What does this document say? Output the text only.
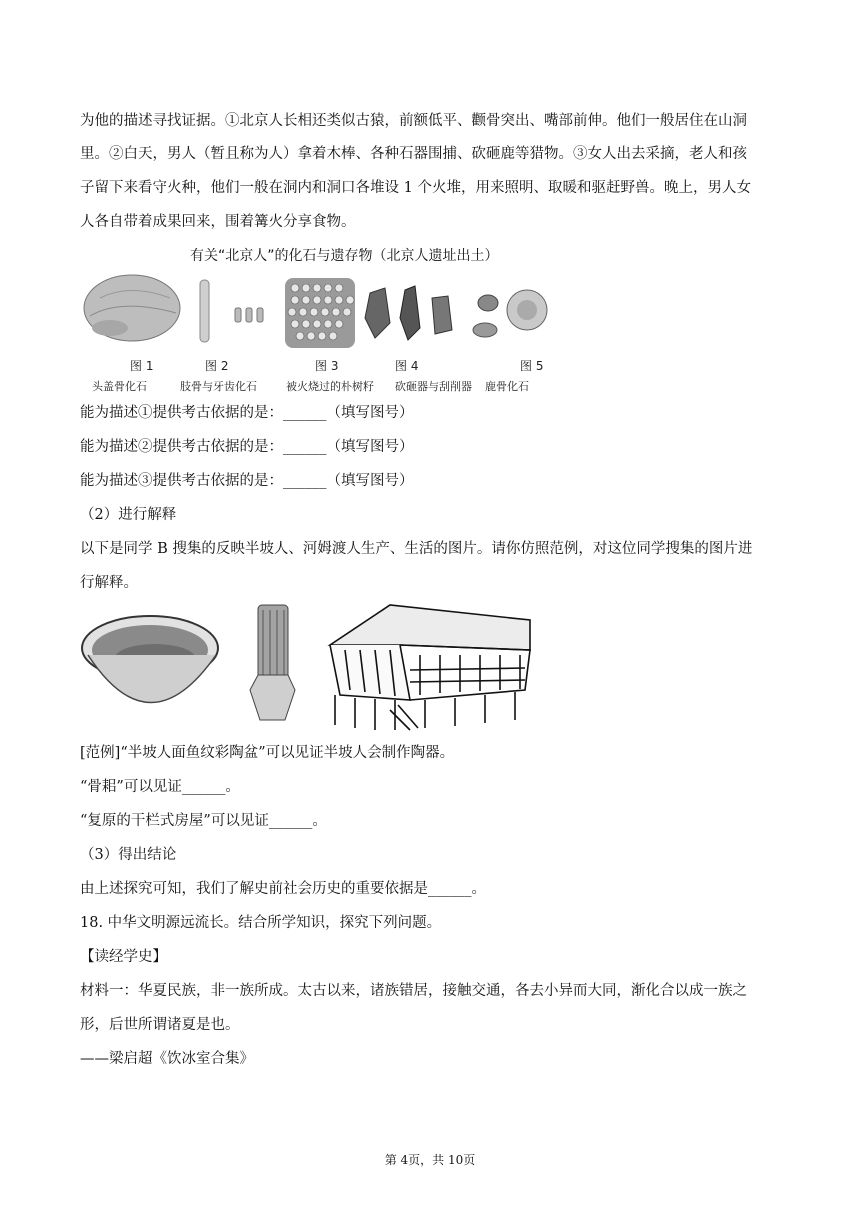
为他的描述寻找证据。①北京人长相还类似古猿，前额低平、颧骨突出、嘴部前伸。他们一般居住在山洞
里。②白天，男人（暂且称为人）拿着木棒、各种石器围捕、砍砸鹿等猎物。③女人出去采摘，老人和孩
子留下来看守火种，他们一般在洞内和洞口各堆设 1 个火堆，用来照明、取暖和驱赶野兽。晚上，男人女
人各自带着成果回来，围着篝火分享食物。
有关“北京人”的化石与遗存物（北京人遗址出土）
图 1	图 2	图 3	图 4	图 5
头盖骨化石	肢骨与牙齿化石	被火烧过的朴树籽 砍砸器与刮削器 鹿骨化石
能为描述①提供考古依据的是：______（填写图号）
能为描述②提供考古依据的是：______（填写图号）
能为描述③提供考古依据的是：______（填写图号）
（2）进行解释
以下是同学 B 搜集的反映半坡人、河姆渡人生产、生活的图片。请你仿照范例，对这位同学搜集的图片进
行解释。
[范例]“半坡人面鱼纹彩陶盆”可以见证半坡人会制作陶器。
“骨耜”可以见证______。
“复原的干栏式房屋”可以见证______。
（3）得出结论
由上述探究可知，我们了解史前社会历史的重要依据是______。
18. 中华文明源远流长。结合所学知识，探究下列问题。
【读经学史】
材料一：华夏民族，非一族所成。太古以来，诸族错居，接触交通，各去小异而大同，渐化合以成一族之
形，后世所谓诸夏是也。
——梁启超《饮冰室合集》
第 4页，共 10页
